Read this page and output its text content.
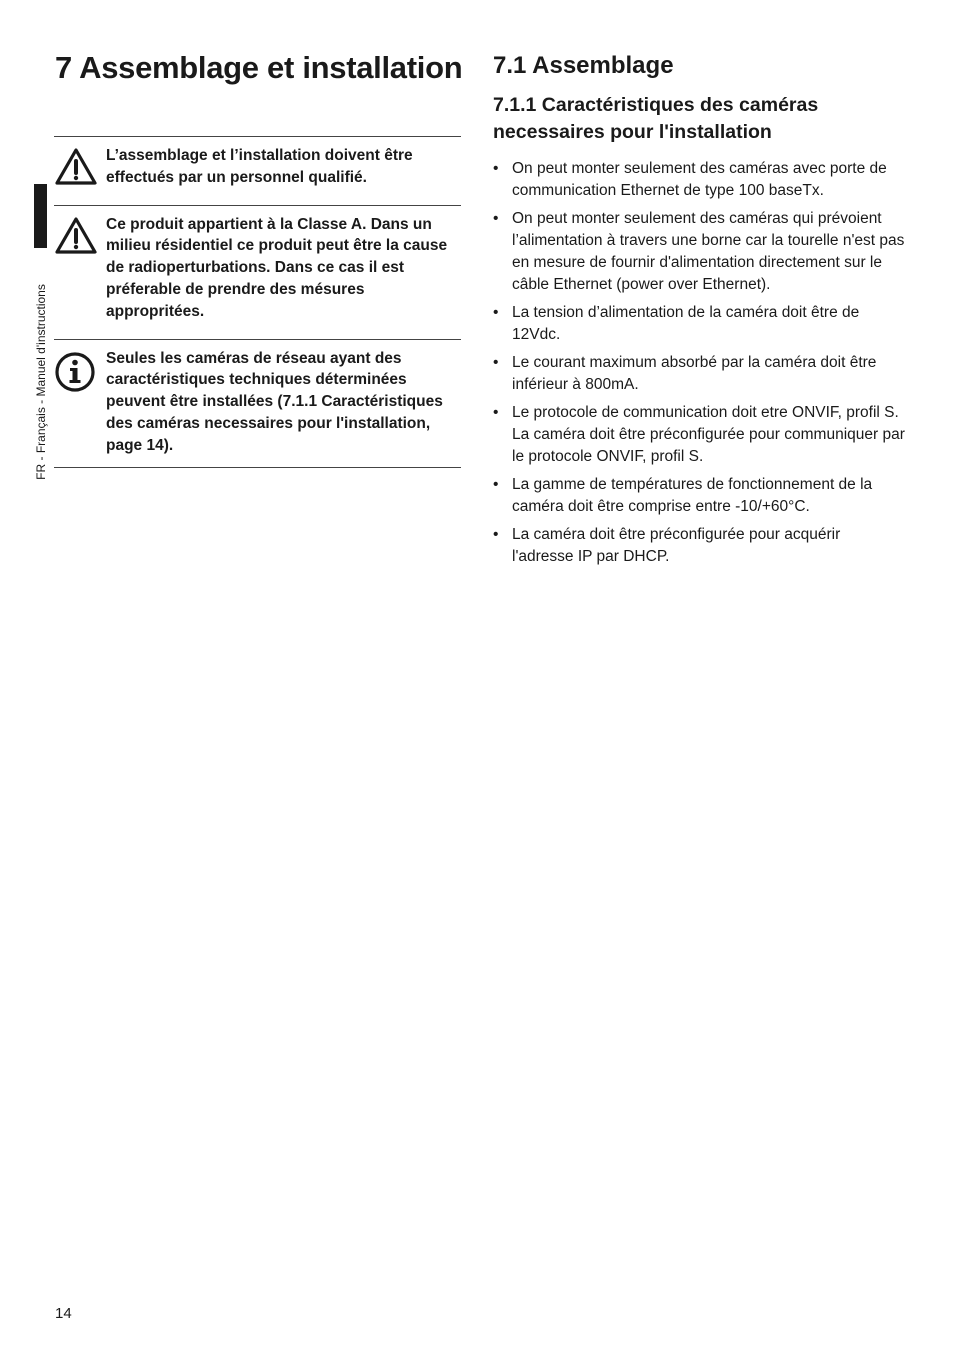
FR - Français - Manuel d'instructions
7 Assemblage et installation
L’assemblage et l’installation doivent être effectués par un personnel qualifié.
Ce produit appartient à la Classe A. Dans un milieu résidentiel ce produit peut être la cause de radioperturbations. Dans ce cas il est préferable de prendre des mésures appropritées.
Seules les caméras de réseau ayant des caractéristiques techniques déterminées peuvent être installées (7.1.1 Caractéristiques des caméras necessaires pour l'installation, page 14).
7.1 Assemblage
7.1.1 Caractéristiques des caméras necessaires pour l'installation
• On peut monter seulement des caméras avec porte de communication Ethernet de type 100 baseTx.
• On peut monter seulement des caméras qui prévoient l’alimentation à travers une borne car la tourelle n'est pas en mesure de fournir d'alimentation directement sur le câble Ethernet (power over Ethernet).
• La tension d’alimentation de la caméra doit être de 12Vdc.
• Le courant maximum absorbé par la caméra doit être inférieur à 800mA.
• Le protocole de communication doit etre ONVIF, profil S. La caméra doit être préconfigurée pour communiquer par le protocole ONVIF, profil S.
• La gamme de températures de fonctionnement de la caméra doit être comprise entre -10/+60°C.
• La caméra doit être préconfigurée pour acquérir l'adresse IP par DHCP.
14
